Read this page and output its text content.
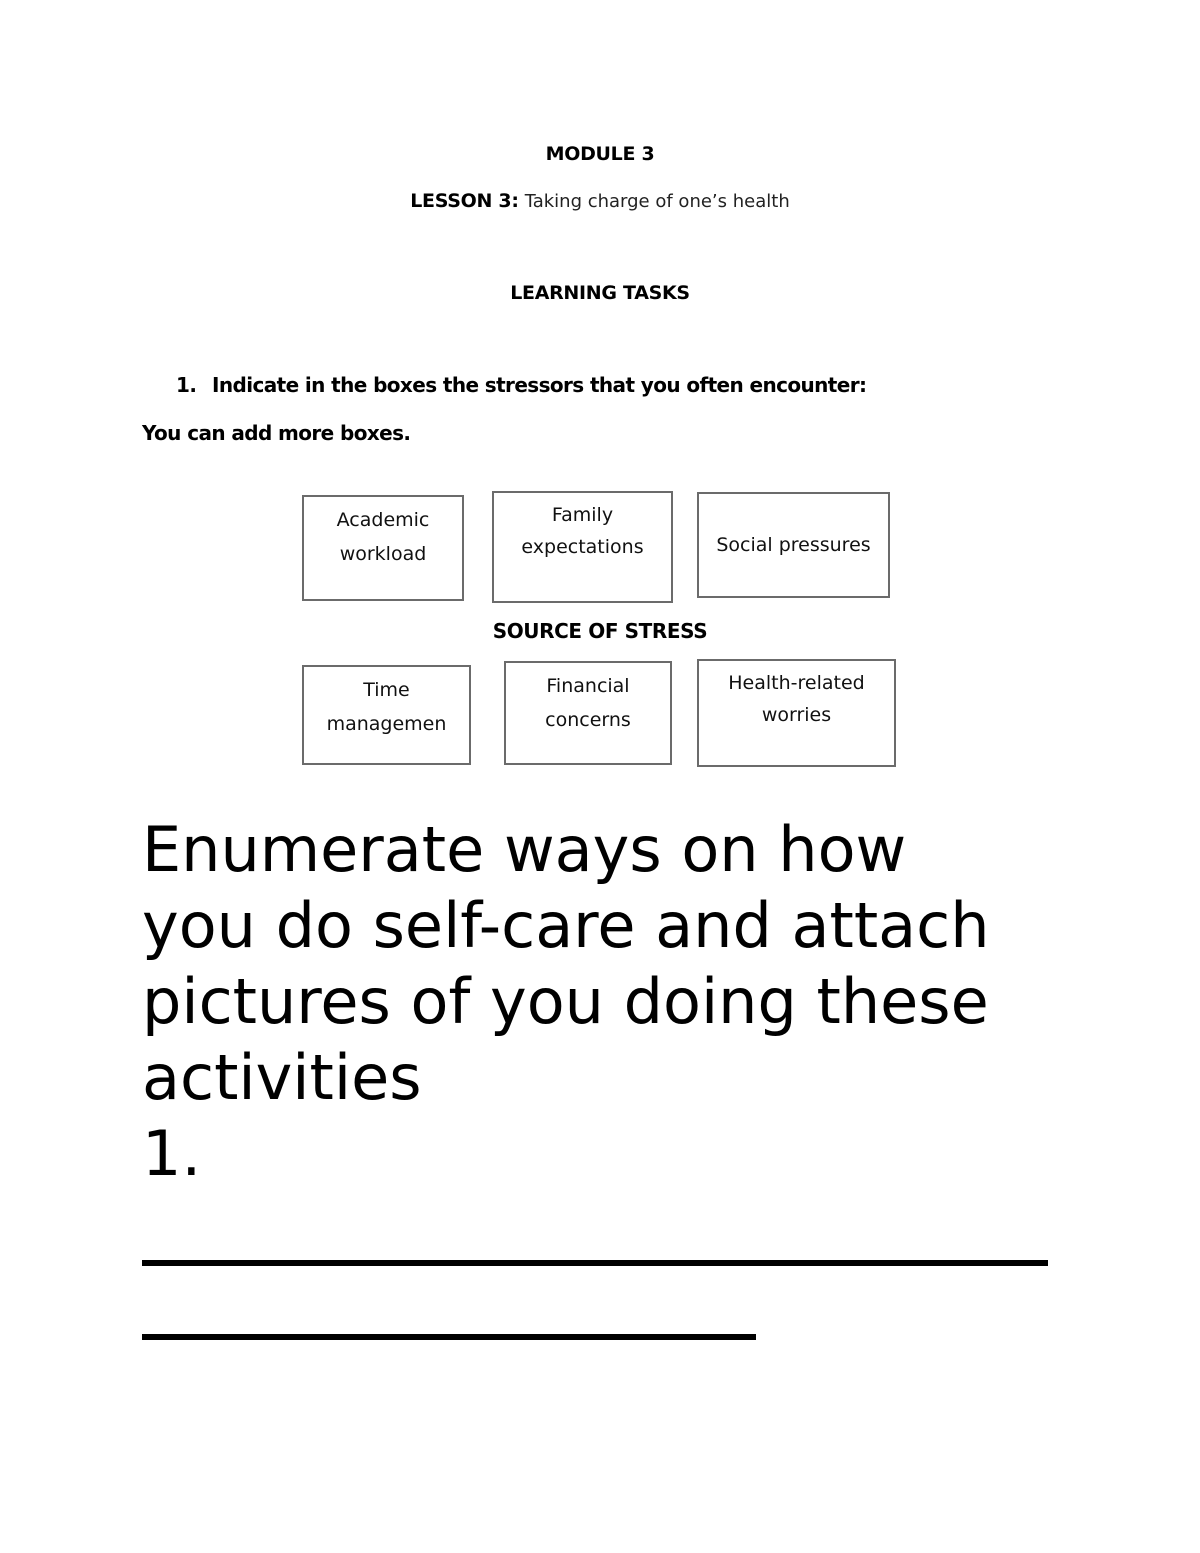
MODULE 3
LESSON 3: Taking charge of one’s health
LEARNING TASKS
1. Indicate in the boxes the stressors that you often encounter:
You can add more boxes.
Academic
workload
Family
expectations	Social pressures
SOURCE OF STRESS
Time
managemen
Financial
concerns
Health-related
worries
Enumerate ways on how
you do self-care and attach
pictures of you doing these
activities
1.
